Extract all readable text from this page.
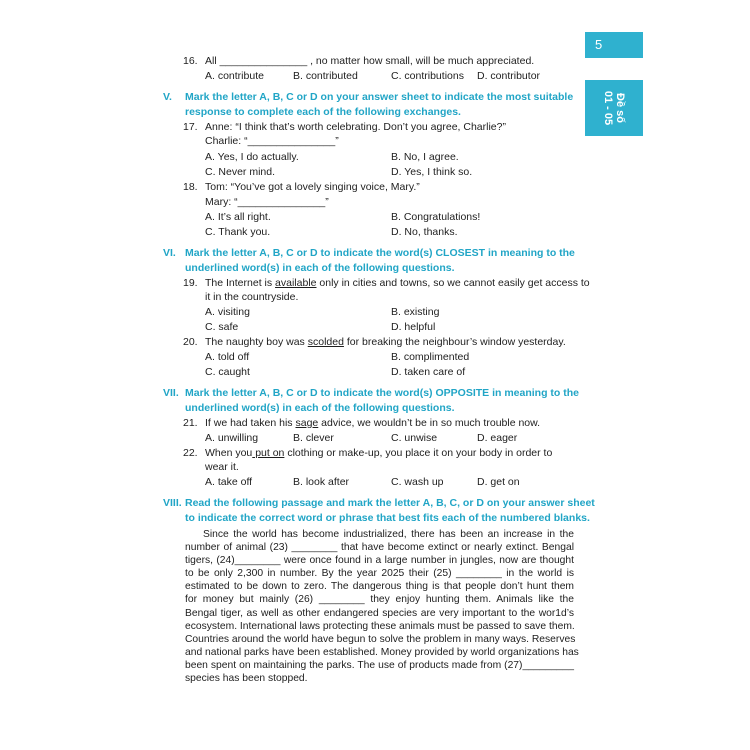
5
Đề số
01 - 05
16. All _______________ , no matter how small, will be much appreciated.
A. contribute	B. contributed	C. contributions D. contributor
V. Mark the letter A, B, C or D on your answer sheet to indicate the most suitable
response to complete each of the following exchanges.
17. Anne: “I think that’s worth celebrating. Don’t you agree, Charlie?”
Charlie: “_______________”
A. Yes, I do actually.	B. No, I agree.
C. Never mind.	D. Yes, I think so.
18. Tom: “You’ve got a lovely singing voice, Mary.”
Mary: “_______________”
A. It’s all right.	B. Congratulations!
C. Thank you.	D. No, thanks.
VI. Mark the letter A, B, C or D to indicate the word(s) CLOSEST in meaning to the
underlined word(s) in each of the following questions.
19. The Internet is available only in cities and towns, so we cannot easily get access to
it in the countryside.
A. visiting	B. existing
C. safe	D. helpful
20. The naughty boy was scolded for breaking the neighbour’s window yesterday.
A. told off	B. complimented
C. caught	D. taken care of
VII. Mark the letter A, B, C or D to indicate the word(s) OPPOSITE in meaning to the
underlined word(s) in each of the following questions.
21. If we had taken his sage advice, we wouldn’t be in so much trouble now.
A. unwilling	B. clever	C. unwise	D. eager
22. When you put on clothing or make-up, you place it on your body in order to
wear it.
A. take off	B. look after	C. wash up	D. get on
VIII. Read the following passage and mark the letter A, B, C, or D on your answer sheet
to indicate the correct word or phrase that best fits each of the numbered blanks.
Since the world has become industrialized, there has been an increase in the
number of animal (23) ________ that have become extinct or nearly extinct. Bengal
tigers, (24)________ were once found in a large number in jungles, now are thought
to be only 2,300 in number. By the year 2025 their (25) ________ in the world is
estimated to be down to zero. The dangerous thing is that people don’t hunt them
for money but mainly (26) ________ they enjoy hunting them. Animals like the
Bengal tiger, as well as other endangered species are very important to the wor1d’s
ecosystem. International laws protecting these animals must be passed to save them.
Countries around the world have begun to solve the problem in many ways. Reserves
and national parks have been established. Money provided by world organizations has
been spent on maintaining the parks. The use of products made from (27)_________
species has been stopped.
